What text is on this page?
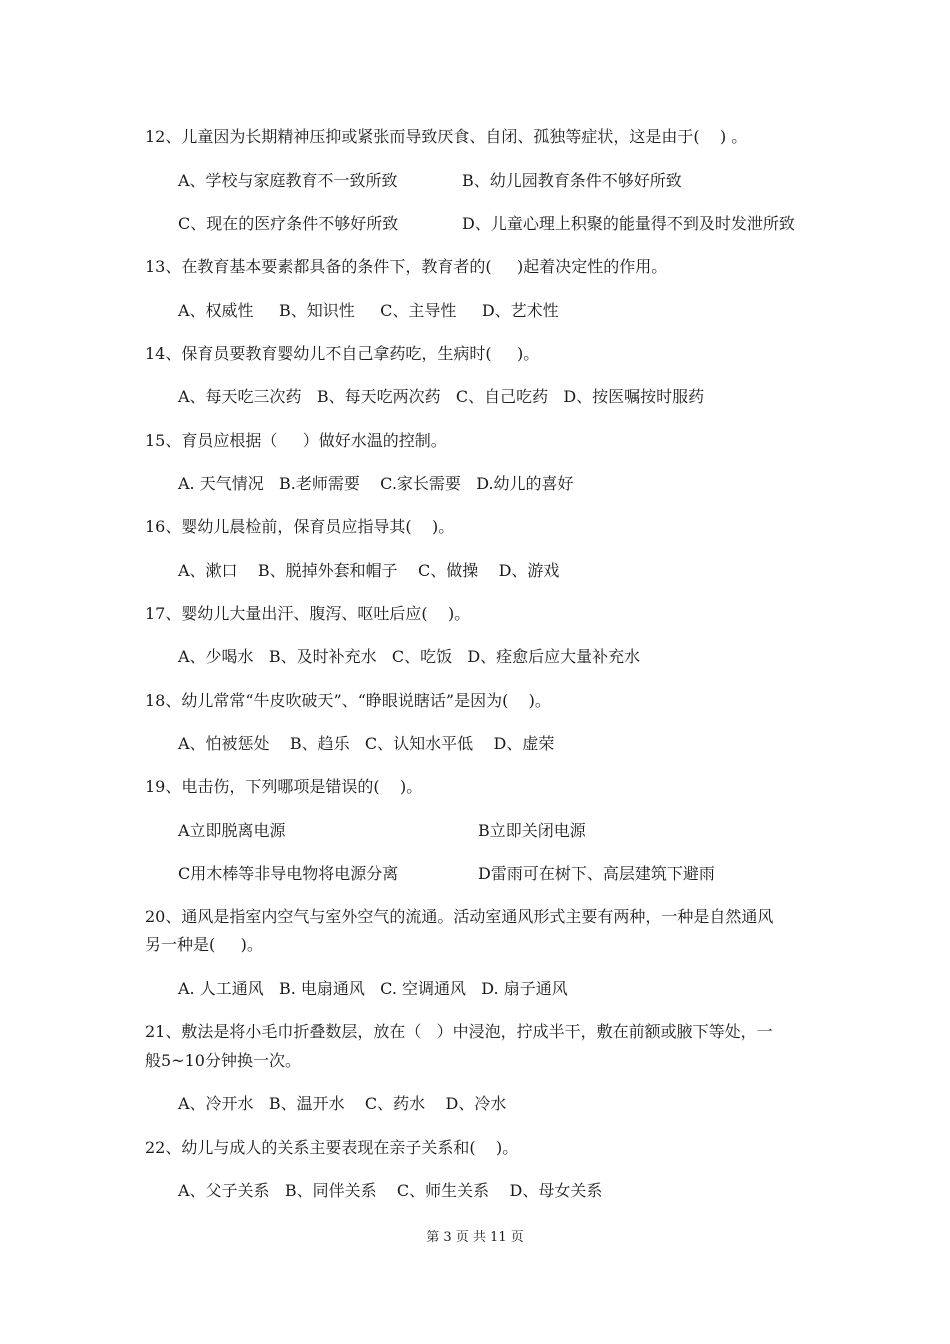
12、儿童因为长期精神压抑或紧张而导致厌食、自闭、孤独等症状，这是由于(    ) 。
A、学校与家庭教育不一致所致	B、幼儿园教育条件不够好所致
C、现在的医疗条件不够好所致	D、儿童心理上积聚的能量得不到及时发泄所致
13、在教育基本要素都具备的条件下，教育者的(     )起着决定性的作用。
A、权威性     B、知识性     C、主导性     D、艺术性
14、保育员要教育婴幼儿不自己拿药吃，生病时(     )。
A、每天吃三次药   B、每天吃两次药   C、自己吃药   D、按医嘱按时服药
15、育员应根据（     ）做好水温的控制。
A. 天气情况   B.老师需要    C.家长需要   D.幼儿的喜好
16、婴幼儿晨检前，保育员应指导其(    )。
A、漱口    B、脱掉外套和帽子    C、做操    D、游戏
17、婴幼儿大量出汗、腹泻、呕吐后应(    )。
A、少喝水   B、及时补充水   C、吃饭   D、痊愈后应大量补充水
18、幼儿常常“牛皮吹破天”、“睁眼说瞎话”是因为(    )。
A、怕被惩处    B、趋乐   C、认知水平低    D、虚荣
19、电击伤，下列哪项是错误的(    )。
A立即脱离电源	B立即关闭电源
C用木棒等非导电物将电源分离	D雷雨可在树下、高层建筑下避雨
20、通风是指室内空气与室外空气的流通。活动室通风形式主要有两种，一种是自然通风
另一种是(     )。
A. 人工通风   B. 电扇通风   C. 空调通风   D. 扇子通风
21、敷法是将小毛巾折叠数层，放在（   ）中浸泡，拧成半干，敷在前额或腋下等处，一
般5~10分钟换一次。
A、冷开水   B、温开水    C、药水    D、冷水
22、幼儿与成人的关系主要表现在亲子关系和(    )。
A、父子关系   B、同伴关系    C、师生关系    D、母女关系
第 3 页 共 11 页
